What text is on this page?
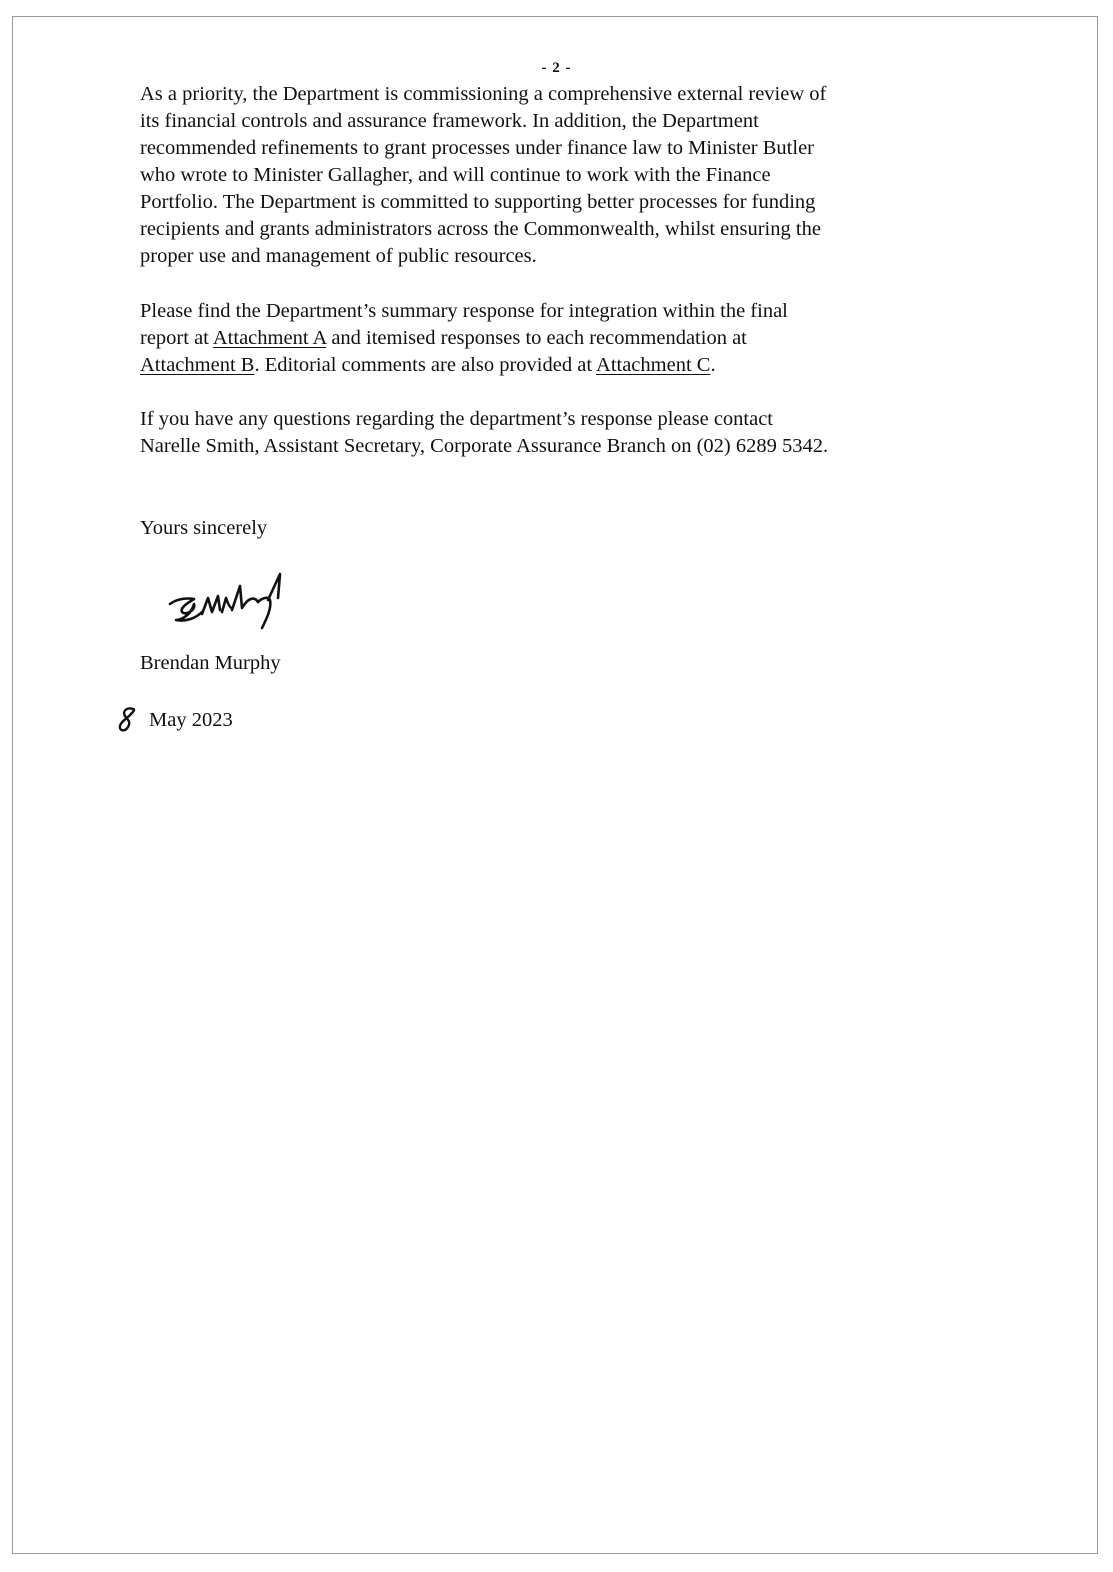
- 2 -

As a priority, the Department is commissioning a comprehensive external review of
its financial controls and assurance framework. In addition, the Department
recommended refinements to grant processes under finance law to Minister Butler
who wrote to Minister Gallagher, and will continue to work with the Finance
Portfolio. The Department is committed to supporting better processes for funding
recipients and grants administrators across the Commonwealth, whilst ensuring the
proper use and management of public resources.

Please find the Department’s summary response for integration within the final
report at Attachment A and itemised responses to each recommendation at
Attachment B. Editorial comments are also provided at Attachment C.

If you have any questions regarding the department’s response please contact
Narelle Smith, Assistant Secretary, Corporate Assurance Branch on (02) 6289 5342.

Yours sincerely

Brendan Murphy

May 2023
